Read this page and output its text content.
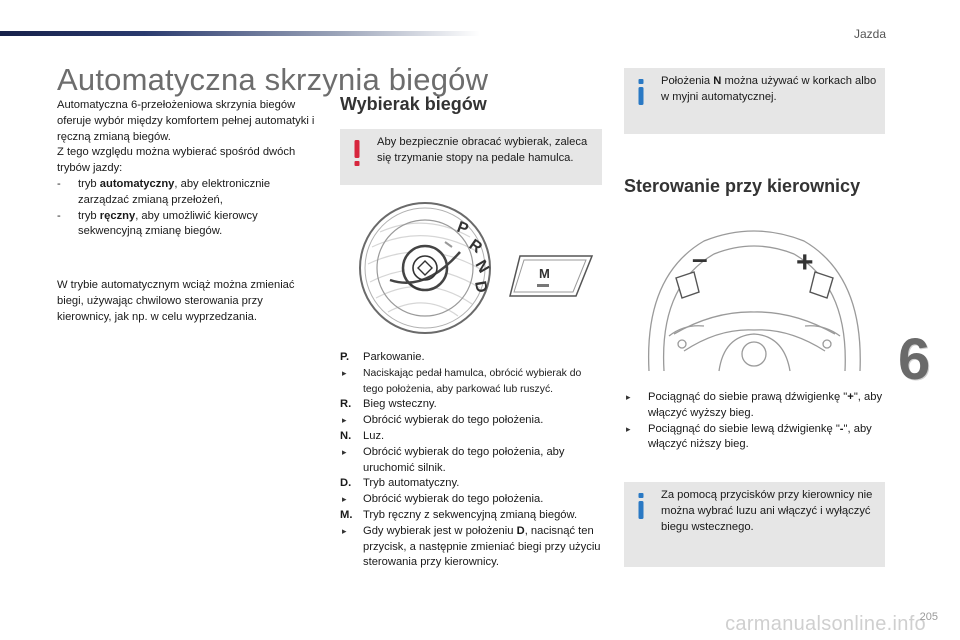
Jazda
Automatyczna skrzynia biegów

Automatyczna 6-przełożeniowa skrzynia biegów oferuje wybór między komfortem pełnej automatyki i ręczną zmianą biegów.

Z tego względu można wybierać spośród dwóch trybów jazdy:

- tryb automatyczny, aby elektronicznie zarządzać zmianą przełożeń,
- tryb ręczny, aby umożliwić kierowcy sekwencyjną zmianę biegów.

W trybie automatycznym wciąż można zmieniać biegi, używając chwilowo sterowania przy kierownicy, jak np. w celu wyprzedzania.

Wybierak biegów
Aby bezpiecznie obracać wybierak, zaleca się trzymanie stopy na pedale hamulca.
P
R
N
D
M
P. Parkowanie.
▸ Naciskając pedał hamulca, obrócić wybierak do tego położenia, aby parkować lub ruszyć.
R. Bieg wsteczny.
▸ Obrócić wybierak do tego położenia.
N. Luz.
▸ Obrócić wybierak do tego położenia, aby uruchomić silnik.
D. Tryb automatyczny.
▸ Obrócić wybierak do tego położenia.
M. Tryb ręczny z sekwencyjną zmianą biegów.
▸ Gdy wybierak jest w położeniu D, nacisnąć ten przycisk, a następnie zmieniać biegi przy użyciu sterowania przy kierownicy.
Położenia N można używać w korkach albo w myjni automatycznej.
Sterowanie przy kierownicy
–	+
▸ Pociągnąć do siebie prawą dźwigienkę "+", aby włączyć wyższy bieg.
▸ Pociągnąć do siebie lewą dźwigienkę "-", aby włączyć niższy bieg.
Za pomocą przycisków przy kierownicy nie można wybrać luzu ani włączyć i wyłączyć biegu wstecznego.
6
carmanualsonline.info
205
